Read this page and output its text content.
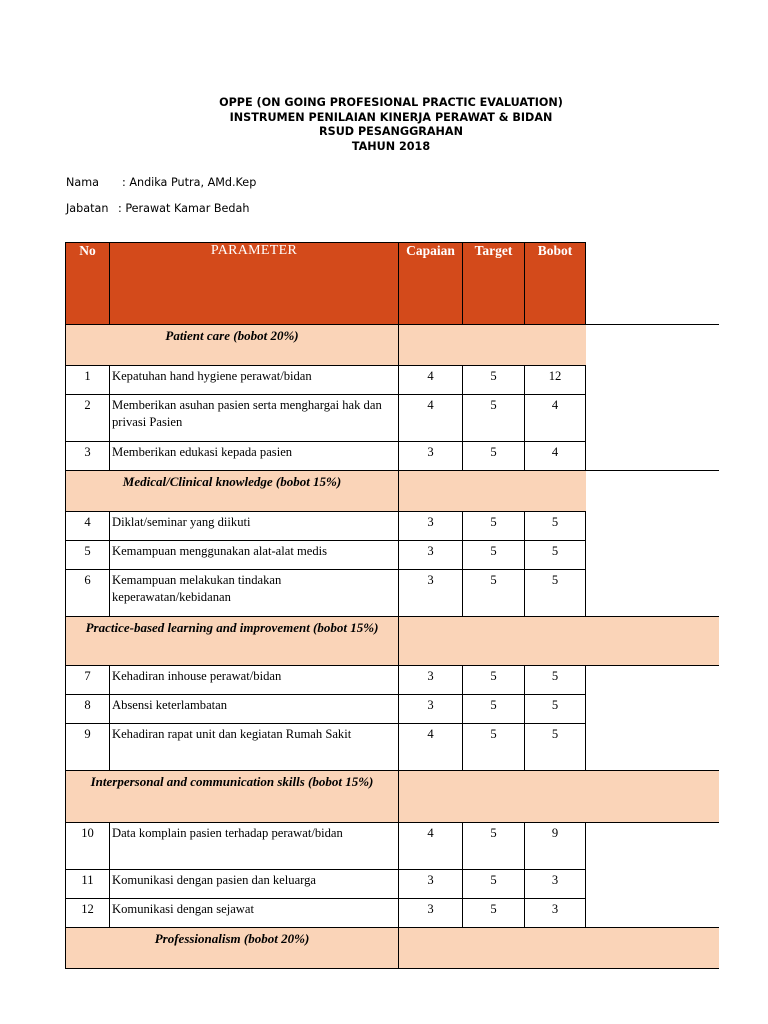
OPPE (ON GOING PROFESIONAL PRACTIC EVALUATION)
INSTRUMEN PENILAIAN KINERJA PERAWAT & BIDAN
RSUD PESANGGRAHAN
TAHUN 2018
Nama : Andika Putra, AMd.Kep
Jabatan : Perawat Kamar Bedah
No	PARAMETER	Capaian	Target	Bobot	
Patient care (bobot 20%)					
1	Kepatuhan hand hygiene perawat/bidan	4	5	12	
2	Memberikan asuhan pasien serta menghargai hak dan privasi Pasien	4	5	4	
3	Memberikan edukasi kepada pasien	3	5	4	
Medical/Clinical knowledge (bobot 15%)					
4	Diklat/seminar yang diikuti	3	5	5	
5	Kemampuan menggunakan alat-alat medis	3	5	5	
6	Kemampuan melakukan tindakan keperawatan/kebidanan	3	5	5	
Practice-based learning and improvement (bobot 15%)					
7	Kehadiran inhouse perawat/bidan	3	5	5	
8	Absensi keterlambatan	3	5	5	
9	Kehadiran rapat unit dan kegiatan Rumah Sakit	4	5	5	
Interpersonal and communication skills (bobot 15%)					
10	Data komplain pasien terhadap perawat/bidan	4	5	9	
11	Komunikasi dengan pasien dan keluarga	3	5	3	
12	Komunikasi dengan sejawat	3	5	3	
Professionalism (bobot 20%)					
